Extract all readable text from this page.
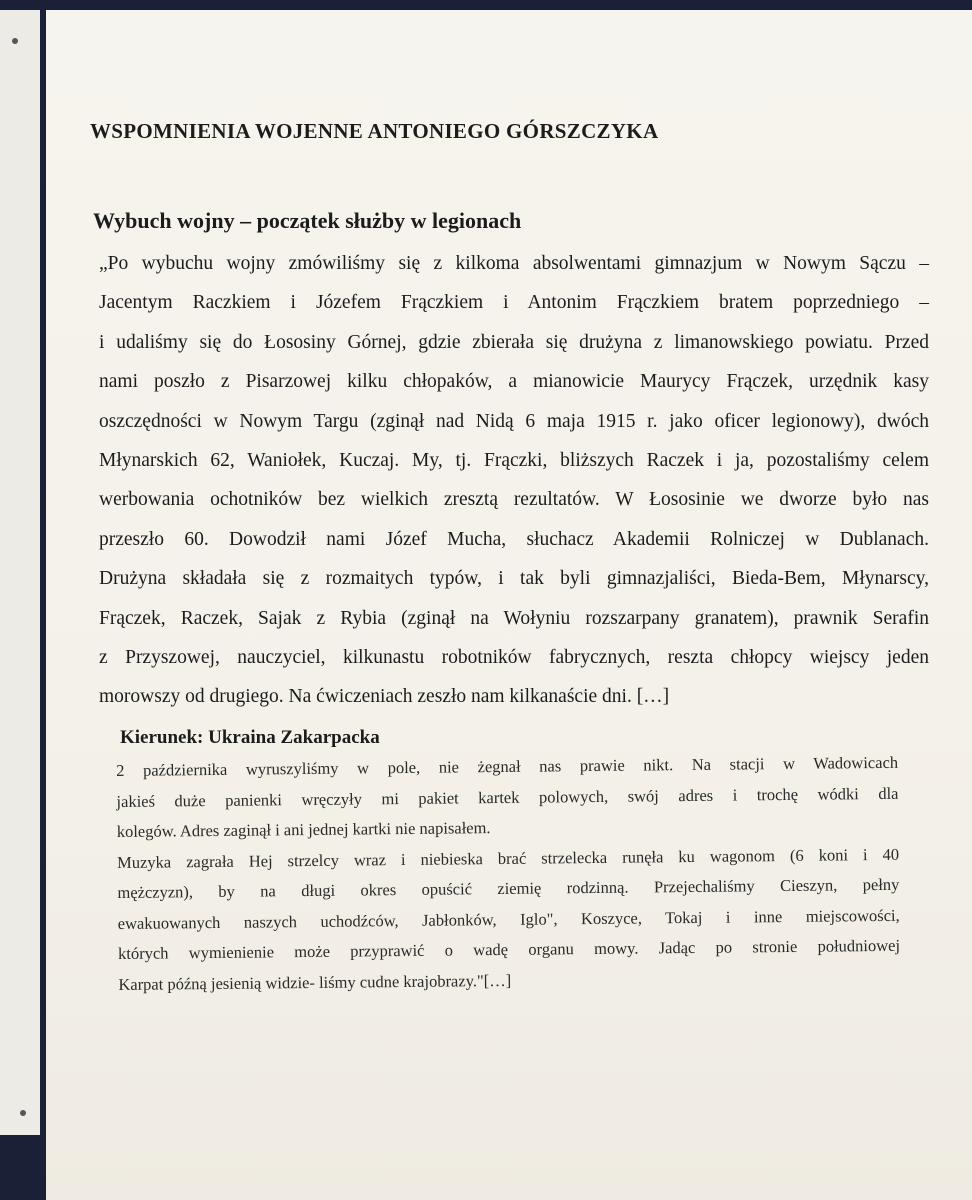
WSPOMNIENIA WOJENNE ANTONIEGO GÓRSZCZYKA
Wybuch wojny – początek służby w legionach
„Po wybuchu wojny zmówiliśmy się z kilkoma absolwentami gimnazjum w Nowym Sączu –
Jacentym Raczkiem i Józefem Frączkiem i Antonim Frączkiem bratem poprzedniego –
i udaliśmy się do Łososiny Górnej, gdzie zbierała się drużyna z limanowskiego powiatu. Przed
nami poszło z Pisarzowej kilku chłopaków, a mianowicie Maurycy Frączek, urzędnik kasy
oszczędności w Nowym Targu (zginął nad Nidą 6 maja 1915 r. jako oficer legionowy), dwóch
Młynarskich 62, Waniołek, Kuczaj. My, tj. Frączki, bliższych Raczek i ja, pozostaliśmy celem
werbowania ochotników bez wielkich zresztą rezultatów. W Łososinie we dworze było nas
przeszło 60. Dowodził nami Józef Mucha, słuchacz Akademii Rolniczej w Dublanach.
Drużyna składała się z rozmaitych typów, i tak byli gimnazjaliści, Bieda-Bem, Młynarscy,
Frączek, Raczek, Sajak z Rybia (zginął na Wołyniu rozszarpany granatem), prawnik Serafin
z Przyszowej, nauczyciel, kilkunastu robotników fabrycznych, reszta chłopcy wiejscy jeden
morowszy od drugiego. Na ćwiczeniach zeszło nam kilkanaście dni. […]
Kierunek: Ukraina Zakarpacka
2 października wyruszyliśmy w pole, nie żegnał nas prawie nikt. Na stacji w Wadowicach
jakieś duże panienki wręczyły mi pakiet kartek polowych, swój adres i trochę wódki dla
kolegów. Adres zaginął i ani jednej kartki nie napisałem.
Muzyka zagrała Hej strzelcy wraz i niebieska brać strzelecka runęła ku wagonom (6 koni i 40
mężczyzn), by na długi okres opuścić ziemię rodzinną. Przejechaliśmy Cieszyn, pełny
ewakuowanych naszych uchodźców, Jabłonków, Iglo", Koszyce, Tokaj i inne miejscowości,
których wymienienie może przyprawić o wadę organu mowy. Jadąc po stronie południowej
Karpat późną jesienią widzie- liśmy cudne krajobrazy."[…]
